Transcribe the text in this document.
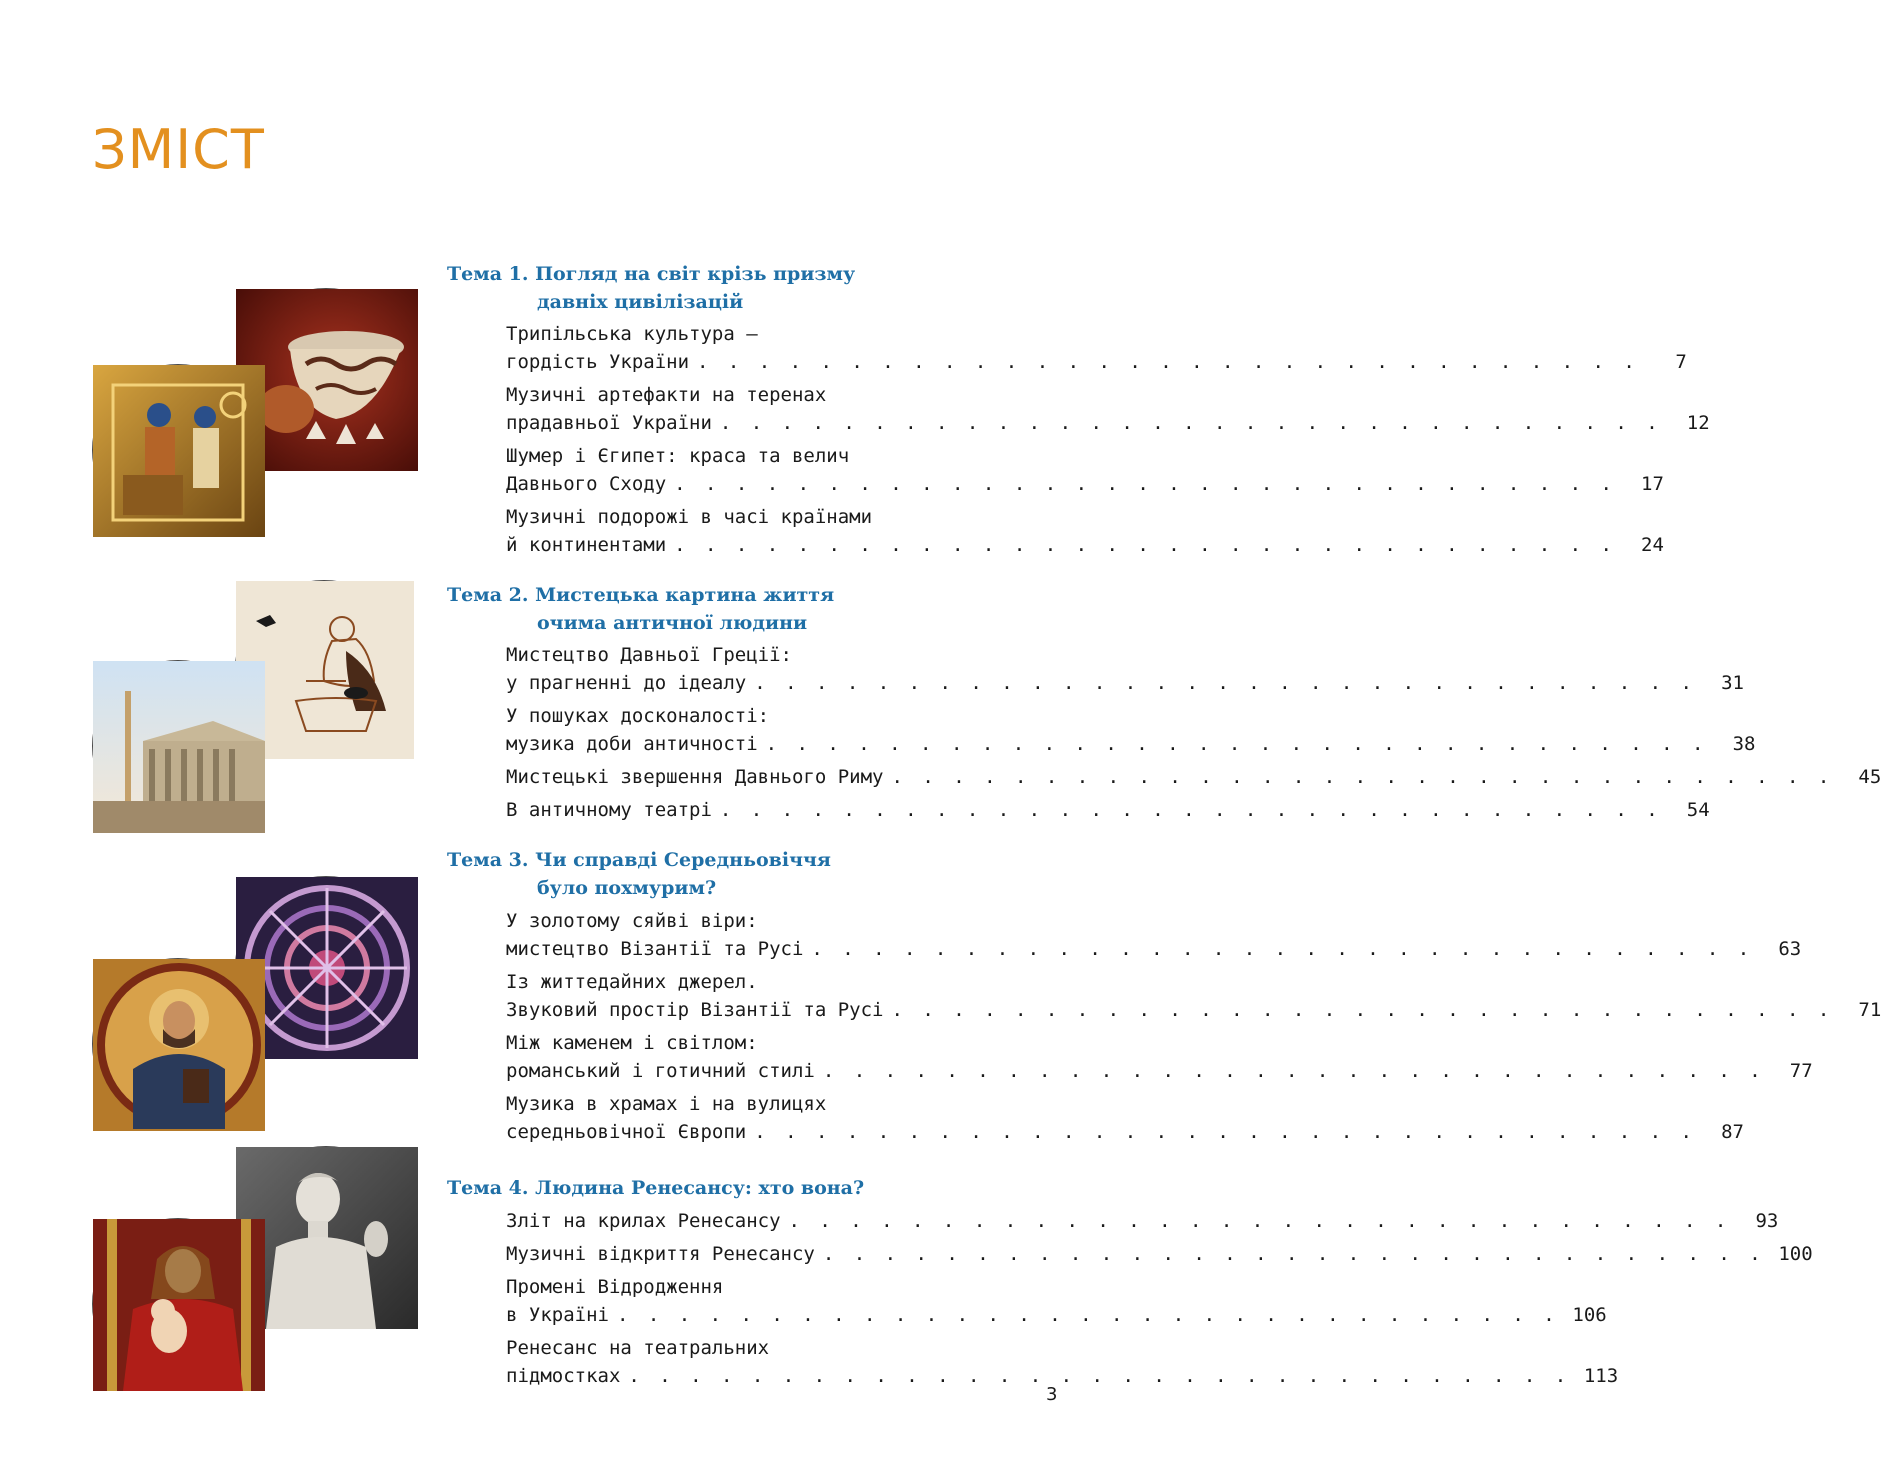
ЗМІСТ
Тема 1. Погляд на світ крізь призму
давніх цивілізацій
Трипільська культура —
гордість України . . . . . . . . . . . . . . . . . . . . . . . . . . . . . . .	7
Музичні артефакти на теренах
прадавньої України . . . . . . . . . . . . . . . . . . . . . . . . . . . . . . .	12
Шумер і Єгипет: краса та велич
Давнього Сходу . . . . . . . . . . . . . . . . . . . . . . . . . . . . . . .	17
Музичні подорожі в часі країнами
й континентами . . . . . . . . . . . . . . . . . . . . . . . . . . . . . . .	24
Тема 2. Мистецька картина життя
очима античної людини
Мистецтво Давньої Греції:
у прагненні до ідеалу . . . . . . . . . . . . . . . . . . . . . . . . . . . . . . .	31
У пошуках досконалості:
музика доби античності . . . . . . . . . . . . . . . . . . . . . . . . . . . . . . .	38
Мистецькі звершення Давнього Риму . . . . . . . . . . . . . . . . . . . . . . . . . . . . . . .	45
В античному театрі . . . . . . . . . . . . . . . . . . . . . . . . . . . . . . .	54
Тема 3. Чи справді Середньовіччя
було похмурим?
У золотому сяйві віри:
мистецтво Візантії та Русі . . . . . . . . . . . . . . . . . . . . . . . . . . . . . . .	63
Із життедайних джерел.
Звуковий простір Візантії та Русі . . . . . . . . . . . . . . . . . . . . . . . . . . . . . . .	71
Між каменем і світлом:
романський і готичний стилі . . . . . . . . . . . . . . . . . . . . . . . . . . . . . . .	77
Музика в храмах і на вулицях
середньовічної Європи . . . . . . . . . . . . . . . . . . . . . . . . . . . . . . .	87
Тема 4. Людина Ренесансу: хто вона?
Зліт на крилах Ренесансу . . . . . . . . . . . . . . . . . . . . . . . . . . . . . . .	93
Музичні відкриття Ренесансу . . . . . . . . . . . . . . . . . . . . . . . . . . . . . . . 100
Промені Відродження
в Україні . . . . . . . . . . . . . . . . . . . . . . . . . . . . . . . 106
Ренесанс на театральних
підмостках . . . . . . . . . . . . . . . . . . . . . . . . . . . . . . . 113
3
